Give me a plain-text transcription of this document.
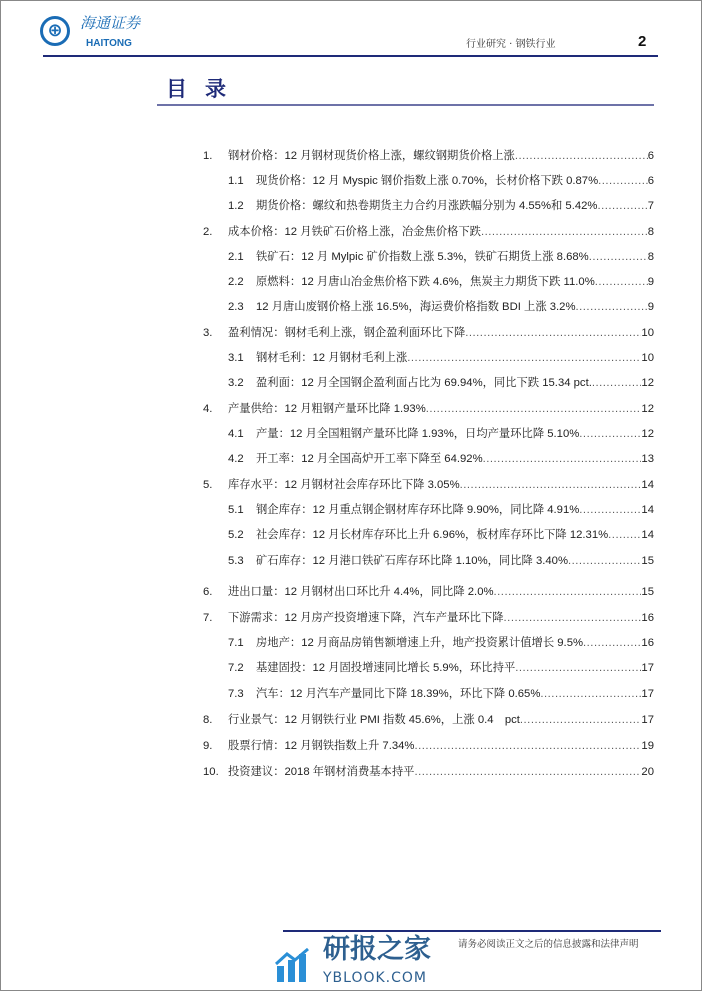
⊕	海通证券
HAITONG	行业研究 · 钢铁行业	2
目录
1. 钢材价格：12 月钢材现货价格上涨，螺纹钢期货价格上涨 .....	6
1.1 现货价格：12 月 Myspic 钢价指数上涨 0.70%，长材价格下跌 0.87% .....	6
1.2 期货价格：螺纹和热卷期货主力合约月涨跌幅分别为 4.55%和 5.42% .....	7
2. 成本价格：12 月铁矿石价格上涨，冶金焦价格下跌 .....	8
2.1 铁矿石：12 月 Mylpic 矿价指数上涨 5.3%，铁矿石期货上涨 8.68% .....	8
2.2 原燃料：12 月唐山冶金焦价格下跌 4.6%，焦炭主力期货下跌 11.0% .....	9
2.3 12 月唐山废钢价格上涨 16.5%，海运费价格指数 BDI 上涨 3.2% .....	9
3. 盈利情况：钢材毛利上涨，钢企盈利面环比下降 .....	10
3.1 钢材毛利：12 月钢材毛利上涨 .....	10
3.2 盈利面：12 月全国钢企盈利面占比为 69.94%，同比下跌 15.34 pct. .....	12
4. 产量供给：12 月粗钢产量环比降 1.93% .....	12
4.1 产量：12 月全国粗钢产量环比降 1.93%，日均产量环比降 5.10% .....	12
4.2 开工率：12 月全国高炉开工率下降至 64.92% .....	13
5. 库存水平：12 月钢材社会库存环比下降 3.05% .....	14
5.1 钢企库存：12 月重点钢企钢材库存环比降 9.90%，同比降 4.91% .....	14
5.2 社会库存：12 月长材库存环比上升 6.96%，板材库存环比下降 12.31% .....	14
5.3 矿石库存：12 月港口铁矿石库存环比降 1.10%，同比降 3.40% .....	15
6. 进出口量：12 月钢材出口环比升 4.4%，同比降 2.0% .....	15
7. 下游需求：12 月房产投资增速下降，汽车产量环比下降 .....	16
7.1 房地产：12 月商品房销售额增速上升，地产投资累计值增长 9.5% .....	16
7.2 基建固投：12 月固投增速同比增长 5.9%，环比持平 .....	17
7.3 汽车：12 月汽车产量同比下降 18.39%，环比下降 0.65% .....	17
8. 行业景气：12 月钢铁行业 PMI 指数 45.6%，上涨 0.4　pct .....	17
9. 股票行情：12 月钢铁指数上升 7.34% .....	19
10. 投资建议：2018 年钢材消费基本持平 .....	20
请务必阅读正文之后的信息披露和法律声明
研报之家
YBLOOK.COM
